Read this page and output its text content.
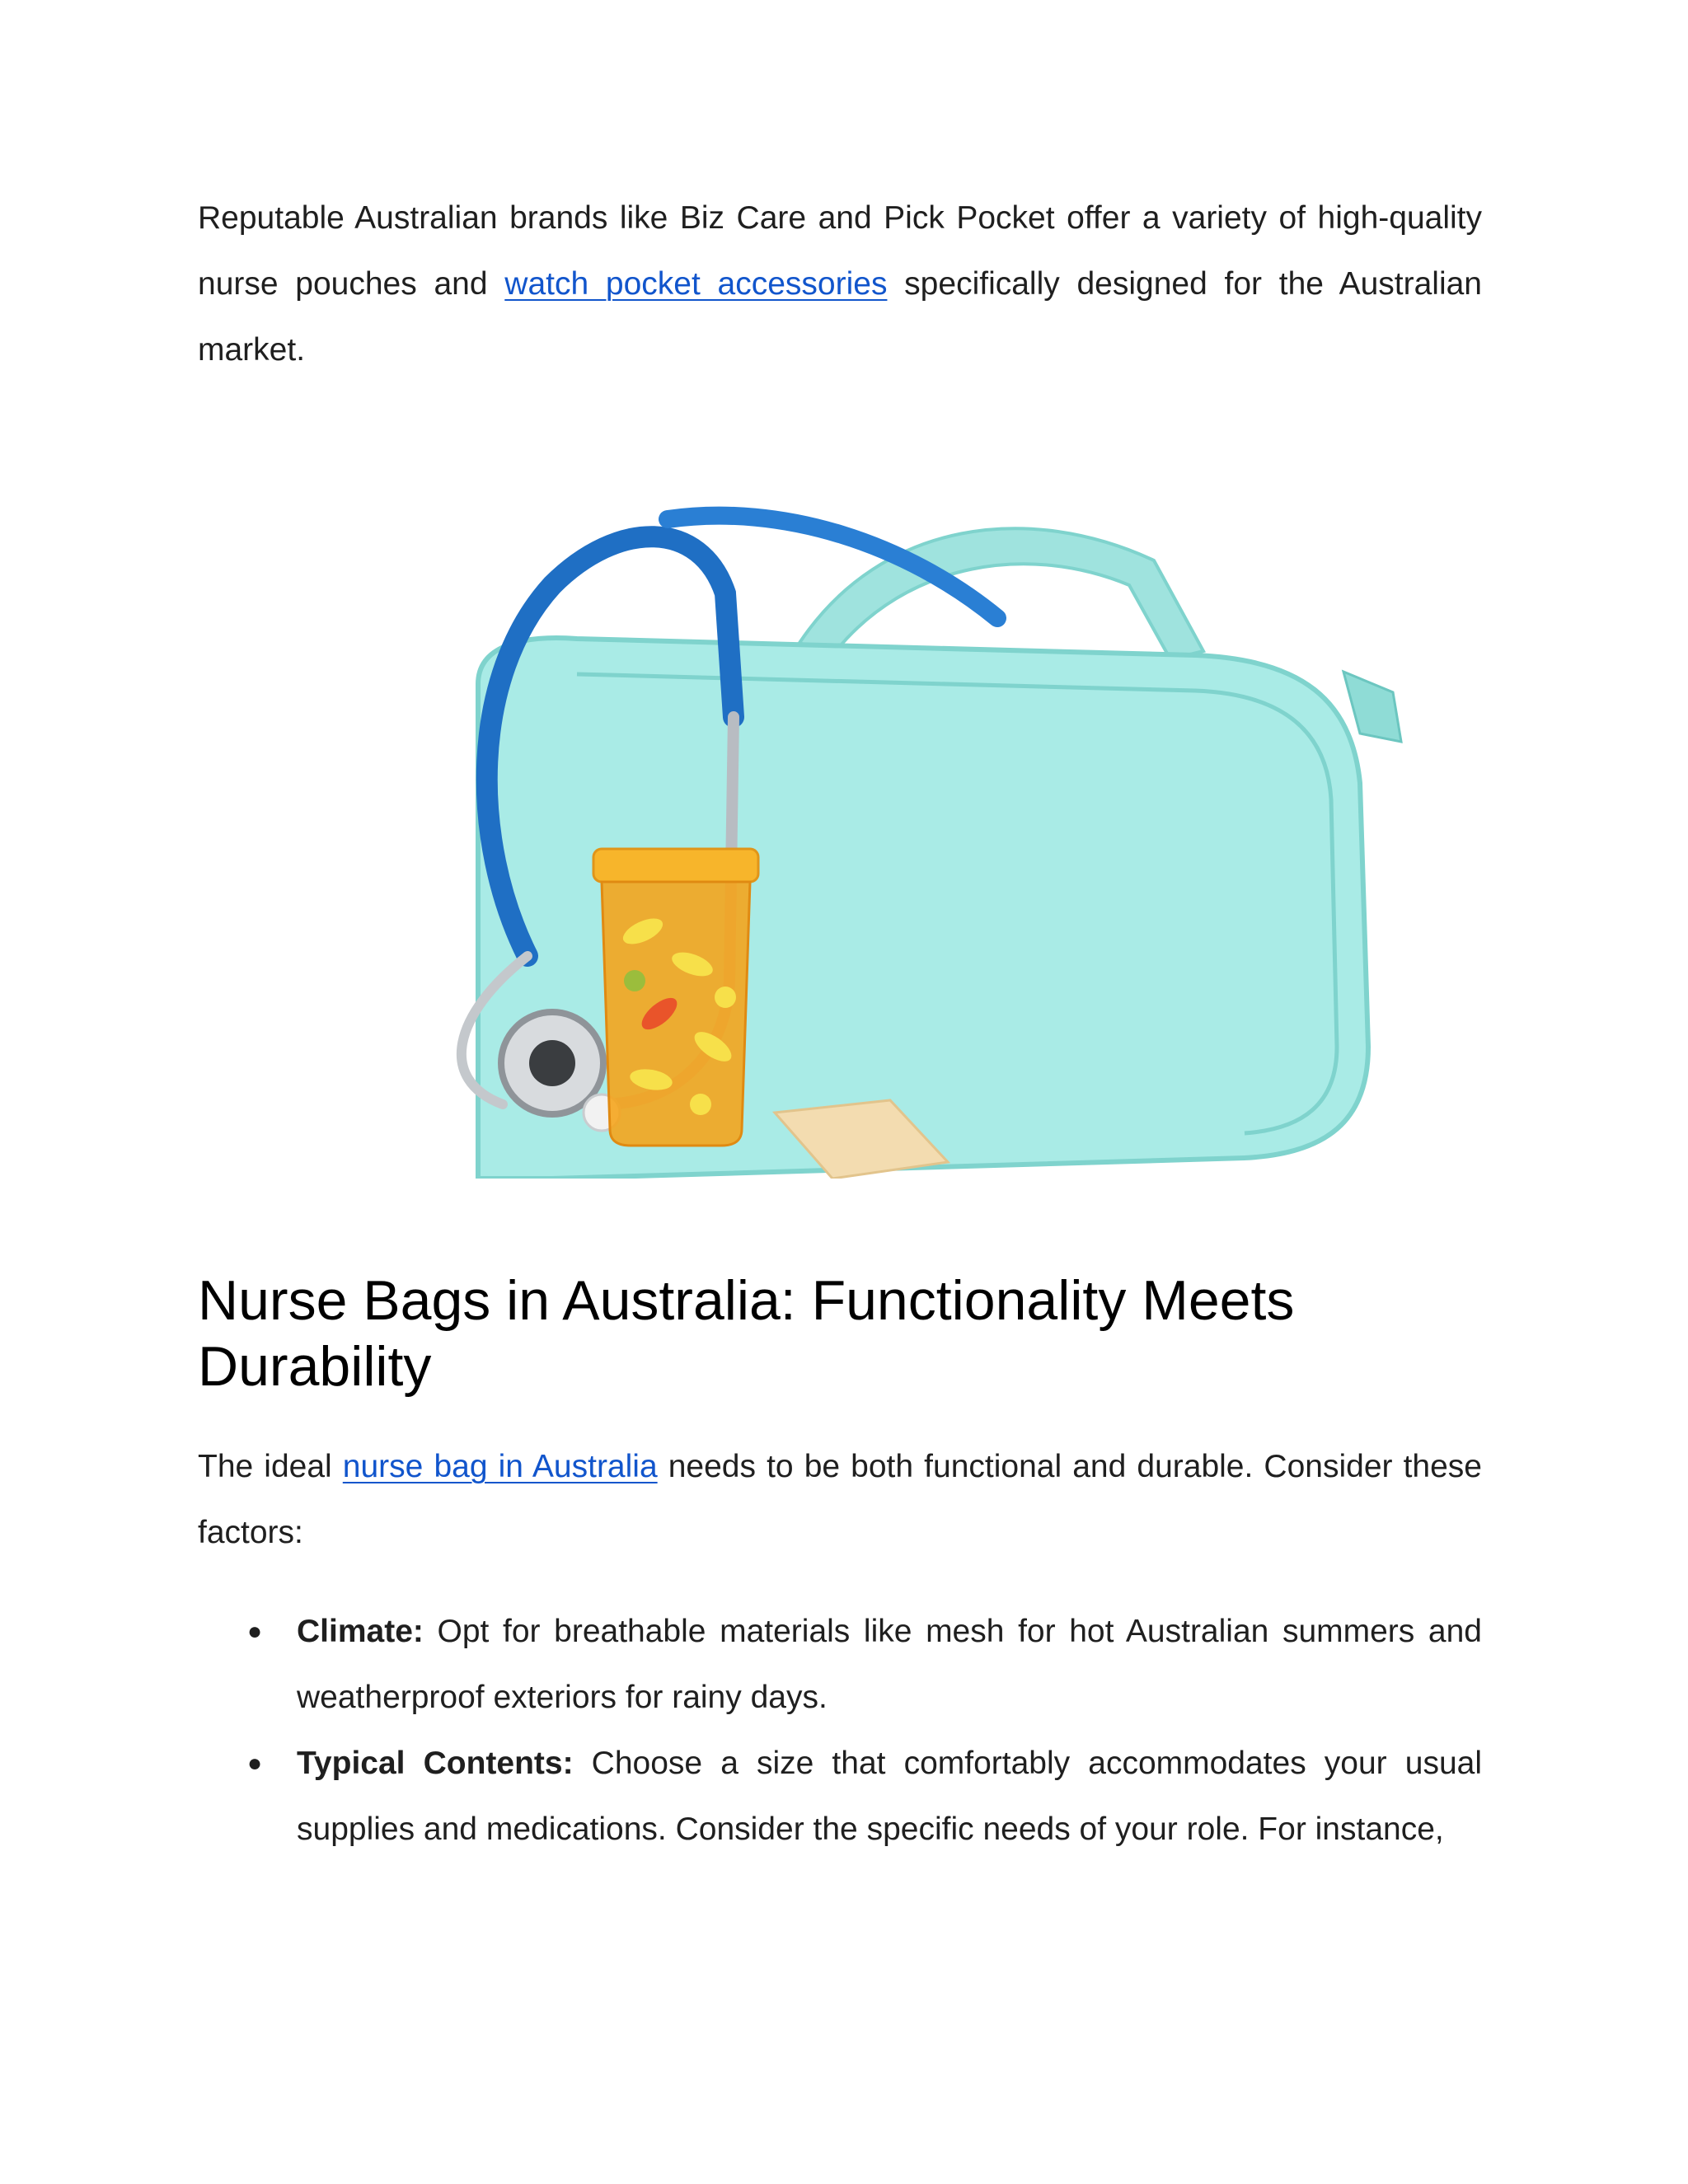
Reputable Australian brands like Biz Care and Pick Pocket offer a variety of high-quality nurse pouches and watch pocket accessories specifically designed for the Australian market.

Nurse Bags in Australia: Functionality Meets Durability

The ideal nurse bag in Australia needs to be both functional and durable. Consider these factors:

● Climate: Opt for breathable materials like mesh for hot Australian summers and weatherproof exteriors for rainy days.
● Typical Contents: Choose a size that comfortably accommodates your usual supplies and medications. Consider the specific needs of your role. For instance,
